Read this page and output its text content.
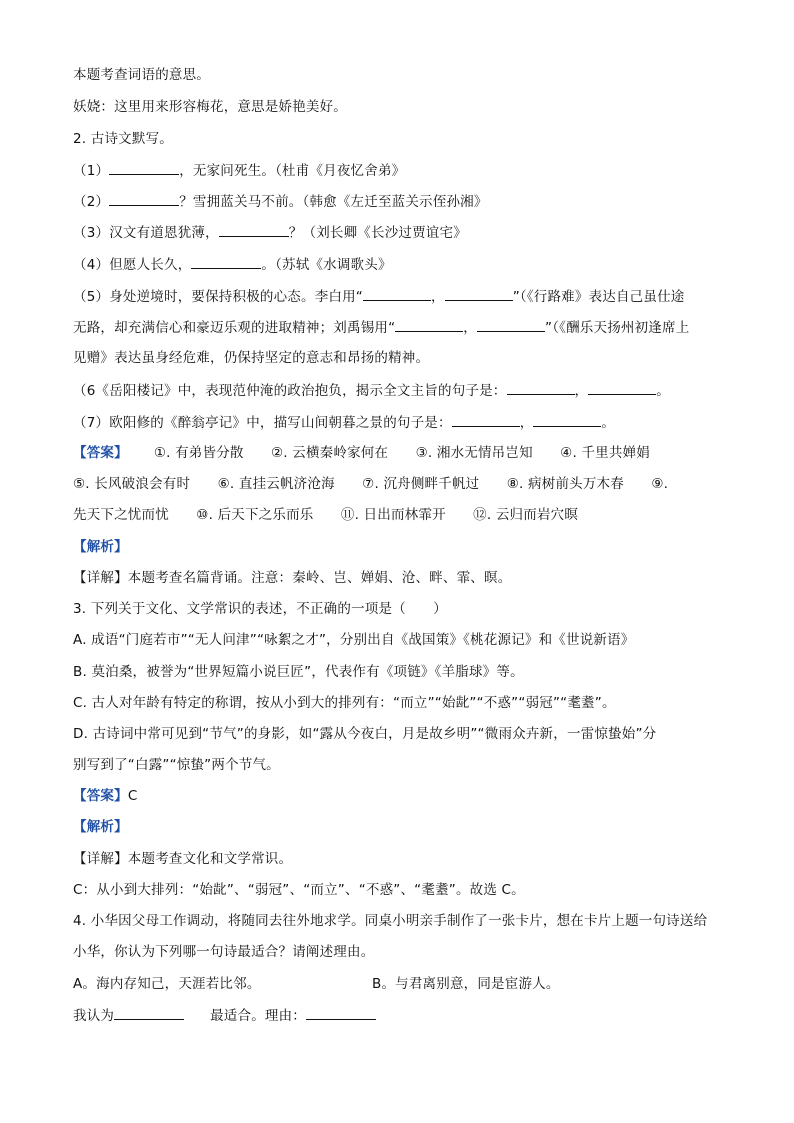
本题考查词语的意思。
妖娆：这里用来形容梅花，意思是娇艳美好。
2. 古诗文默写。
（1）	，无家问死生。（杜甫《月夜忆舍弟》
（2）	？雪拥蓝关马不前。（韩愈《左迁至蓝关示侄孙湘》
（3）汉文有道恩犹薄，	？（刘长卿《长沙过贾谊宅》
（4）但愿人长久，	。（苏轼《水调歌头》
（5）身处逆境时，要保持积极的心态。李白用“	，	”（《行路难》表达自己虽仕途
无路，却充满信心和豪迈乐观的进取精神；刘禹锡用“	，	”（《酬乐天扬州初逢席上
见赠》表达虽身经危难，仍保持坚定的意志和昂扬的精神。
（6《岳阳楼记》中，表现范仲淹的政治抱负，揭示全文主旨的句子是：	，	。
（7）欧阳修的《醉翁亭记》中，描写山间朝暮之景的句子是：	，	。
【答案】 ①. 有弟皆分散　　②. 云横秦岭家何在　　③. 湘水无情吊岂知　　④. 千里共婵娟
⑤. 长风破浪会有时　　⑥. 直挂云帆济沧海　　⑦. 沉舟侧畔千帆过　　⑧. 病树前头万木春　　⑨.
先天下之忧而忧　　⑩. 后天下之乐而乐　　⑪. 日出而林霏开　　⑫. 云归而岩穴暝
【解析】
【详解】本题考查名篇背诵。注意：秦岭、岂、婵娟、沧、畔、霏、暝。
3. 下列关于文化、文学常识的表述，不正确的一项是（　　）
A. 成语“门庭若市”“无人问津”“咏絮之才”，分别出自《战国策》《桃花源记》和《世说新语》
B. 莫泊桑，被誉为“世界短篇小说巨匠”，代表作有《项链》《羊脂球》等。
C. 古人对年龄有特定的称谓，按从小到大的排列有：“而立”“始龀”“不惑”“弱冠”“耄耋”。
D. 古诗词中常可见到“节气”的身影，如“露从今夜白，月是故乡明”“微雨众卉新，一雷惊蛰始”分
别写到了“白露”“惊蛰”两个节气。
【答案】C
【解析】
【详解】本题考查文化和文学常识。
C：从小到大排列：“始龀”、“弱冠”、“而立”、“不惑”、“耄耋”。故选 C。
4. 小华因父母工作调动，将随同去往外地求学。同桌小明亲手制作了一张卡片，想在卡片上题一句诗送给
小华，你认为下列哪一句诗最适合？请阐述理由。
A。海内存知己，天涯若比邻。	B。与君离别意，同是宦游人。
我认为	最适合。理由：
